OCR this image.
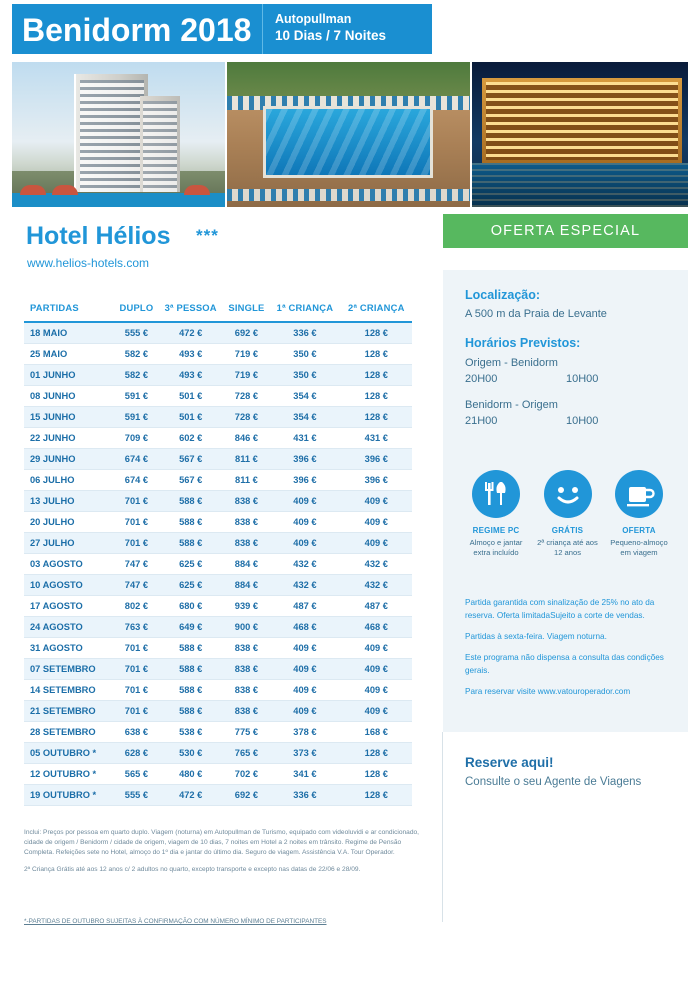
Benidorm 2018 Autopullman
10 Dias / 7 Noites
Hotel Hélios ***
www.helios-hotels.com
OFERTA ESPECIAL
PARTIDAS	DUPLO	3ª PESSOA	SINGLE	1ª CRIANÇA	2ª CRIANÇA
18 MAIO	555 €	472 €	692 €	336 €	128 €
25 MAIO	582 €	493 €	719 €	350 €	128 €
01 JUNHO	582 €	493 €	719 €	350 €	128 €
08 JUNHO	591 €	501 €	728 €	354 €	128 €
15 JUNHO	591 €	501 €	728 €	354 €	128 €
22 JUNHO	709 €	602 €	846 €	431 €	431 €
29 JUNHO	674 €	567 €	811 €	396 €	396 €
06 JULHO	674 €	567 €	811 €	396 €	396 €
13 JULHO	701 €	588 €	838 €	409 €	409 €
20 JULHO	701 €	588 €	838 €	409 €	409 €
27 JULHO	701 €	588 €	838 €	409 €	409 €
03 AGOSTO	747 €	625 €	884 €	432 €	432 €
10 AGOSTO	747 €	625 €	884 €	432 €	432 €
17 AGOSTO	802 €	680 €	939 €	487 €	487 €
24 AGOSTO	763 €	649 €	900 €	468 €	468 €
31 AGOSTO	701 €	588 €	838 €	409 €	409 €
07 SETEMBRO	701 €	588 €	838 €	409 €	409 €
14 SETEMBRO	701 €	588 €	838 €	409 €	409 €
21 SETEMBRO	701 €	588 €	838 €	409 €	409 €
28 SETEMBRO	638 €	538 €	775 €	378 €	168 €
05 OUTUBRO *	628 €	530 €	765 €	373 €	128 €
12 OUTUBRO *	565 €	480 €	702 €	341 €	128 €
19 OUTUBRO *	555 €	472 €	692 €	336 €	128 €
Localização:
A 500 m da Praia de Levante
Horários Previstos:
Origem - Benidorm
20H00	10H00
Benidorm - Origem
21H00	10H00
REGIME PC
Almoço e jantar extra incluído
GRÁTIS
2ª criança até aos 12 anos
OFERTA
Pequeno-almoço em viagem

Partida garantida com sinalização de 25% no ato da reserva. Oferta limitadaSujeito a corte de vendas.

Partidas à sexta-feira. Viagem noturna.

Este programa não dispensa a consulta das condições gerais.

Para reservar visite www.vatouroperador.com

Reserve aqui!
Consulte o seu Agente de Viagens

Inclui: Preços por pessoa em quarto duplo. Viagem (noturna) em Autopullman de Turismo, equipado com videoluvidi e ar condicionado, cidade de origem / Benidorm / cidade de origem, viagem de 10 dias, 7 noites em Hotel a 2 noites em trânsito. Regime de Pensão Completa. Refeições sete no Hotel, almoço do 1º dia e jantar do último dia. Seguro de viagem. Assistência V.A. Tour Operador.

2ª Criança Grátis até aos 12 anos c/ 2 adultos no quarto, excepto transporte e excepto nas datas de 22/06 e 28/09.

*-PARTIDAS DE OUTUBRO SUJEITAS À CONFIRMAÇÃO COM NÚMERO MÍNIMO DE PARTICIPANTES
